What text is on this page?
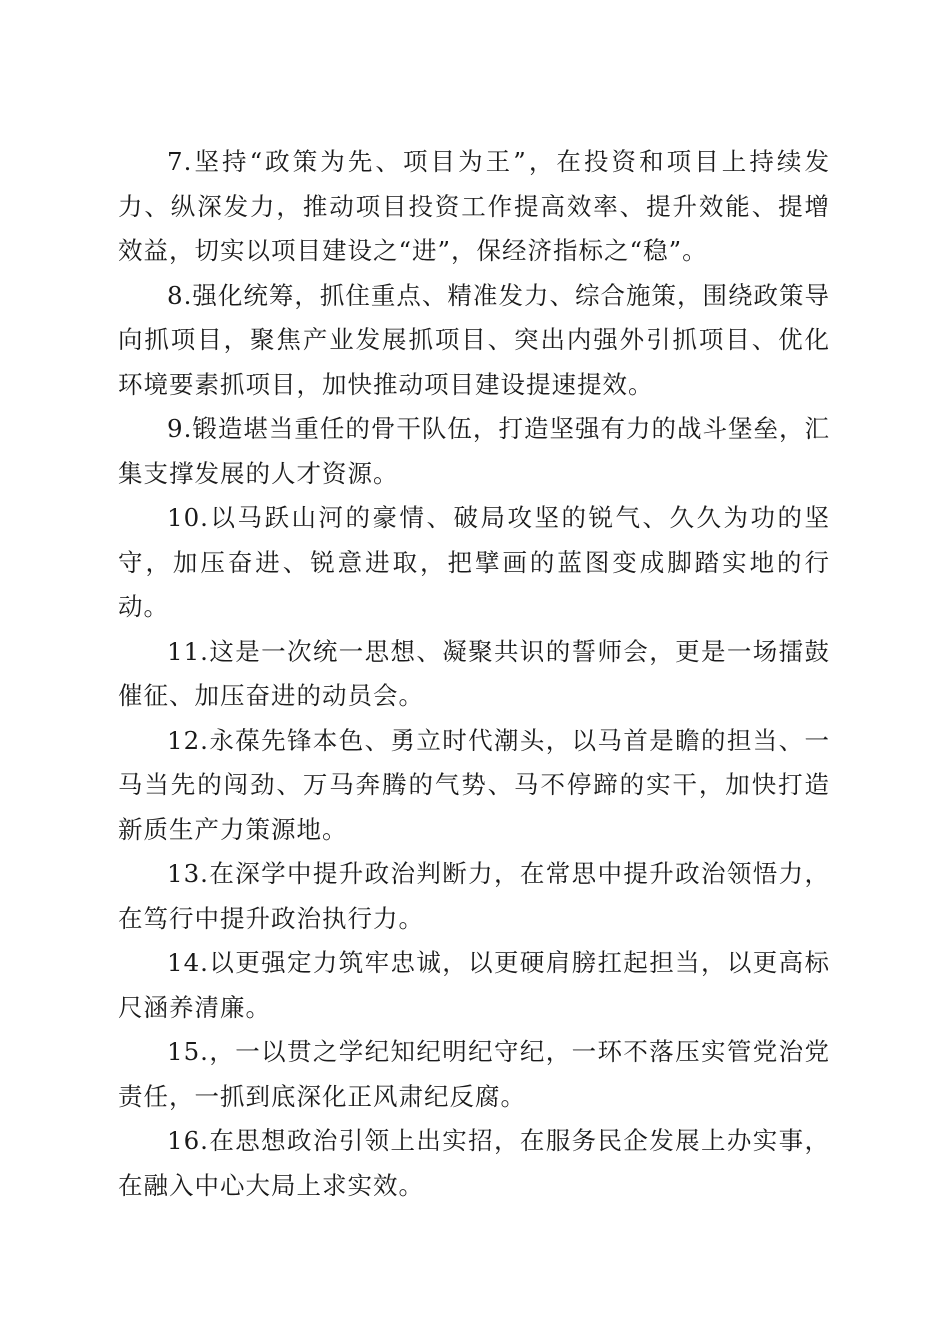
7.坚持“政策为先、项目为王”，在投资和项目上持续发力、纵深发力，推动项目投资工作提高效率、提升效能、提增效益，切实以项目建设之“进”，保经济指标之“稳”。

8.强化统筹，抓住重点、精准发力、综合施策，围绕政策导向抓项目，聚焦产业发展抓项目、突出内强外引抓项目、优化环境要素抓项目，加快推动项目建设提速提效。

9.锻造堪当重任的骨干队伍，打造坚强有力的战斗堡垒，汇集支撑发展的人才资源。

10.以马跃山河的豪情、破局攻坚的锐气、久久为功的坚守，加压奋进、锐意进取，把擘画的蓝图变成脚踏实地的行动。

11.这是一次统一思想、凝聚共识的誓师会，更是一场擂鼓催征、加压奋进的动员会。

12.永葆先锋本色、勇立时代潮头，以马首是瞻的担当、一马当先的闯劲、万马奔腾的气势、马不停蹄的实干，加快打造新质生产力策源地。

13.在深学中提升政治判断力，在常思中提升政治领悟力，在笃行中提升政治执行力。

14.以更强定力筑牢忠诚，以更硬肩膀扛起担当，以更高标尺涵养清廉。

15.，一以贯之学纪知纪明纪守纪，一环不落压实管党治党责任，一抓到底深化正风肃纪反腐。

16.在思想政治引领上出实招，在服务民企发展上办实事，在融入中心大局上求实效。
